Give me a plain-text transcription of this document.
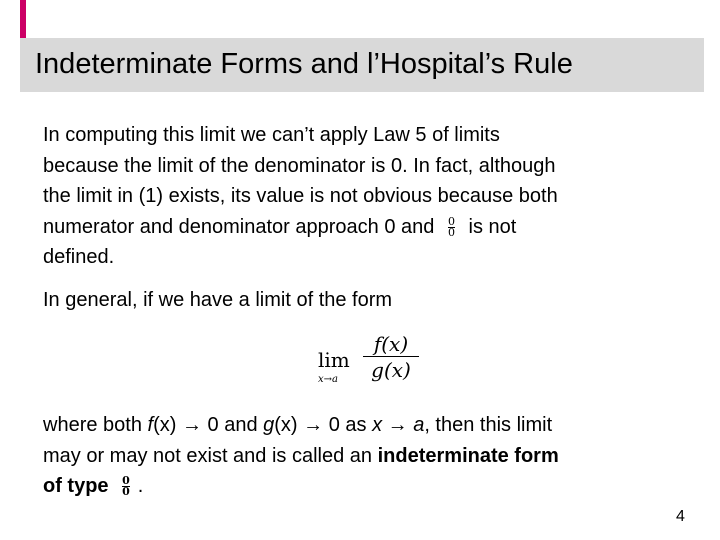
Indeterminate Forms and l’Hospital’s Rule
In computing this limit we can’t apply Law 5 of limits
because the limit of the denominator is 0. In fact, although
the limit in (1) exists, its value is not obvious because both
numerator and denominator approach 0 and $\frac{0}{0}$ is not
defined.
In general, if we have a limit of the form
lim
$x\to a \frac{f(x)}{g(x)}$
where both f(x) → 0 and g(x) → 0 as x → a, then this limit
may or may not exist and is called an indeterminate form
of type $\frac{0}{0}$ .
4
